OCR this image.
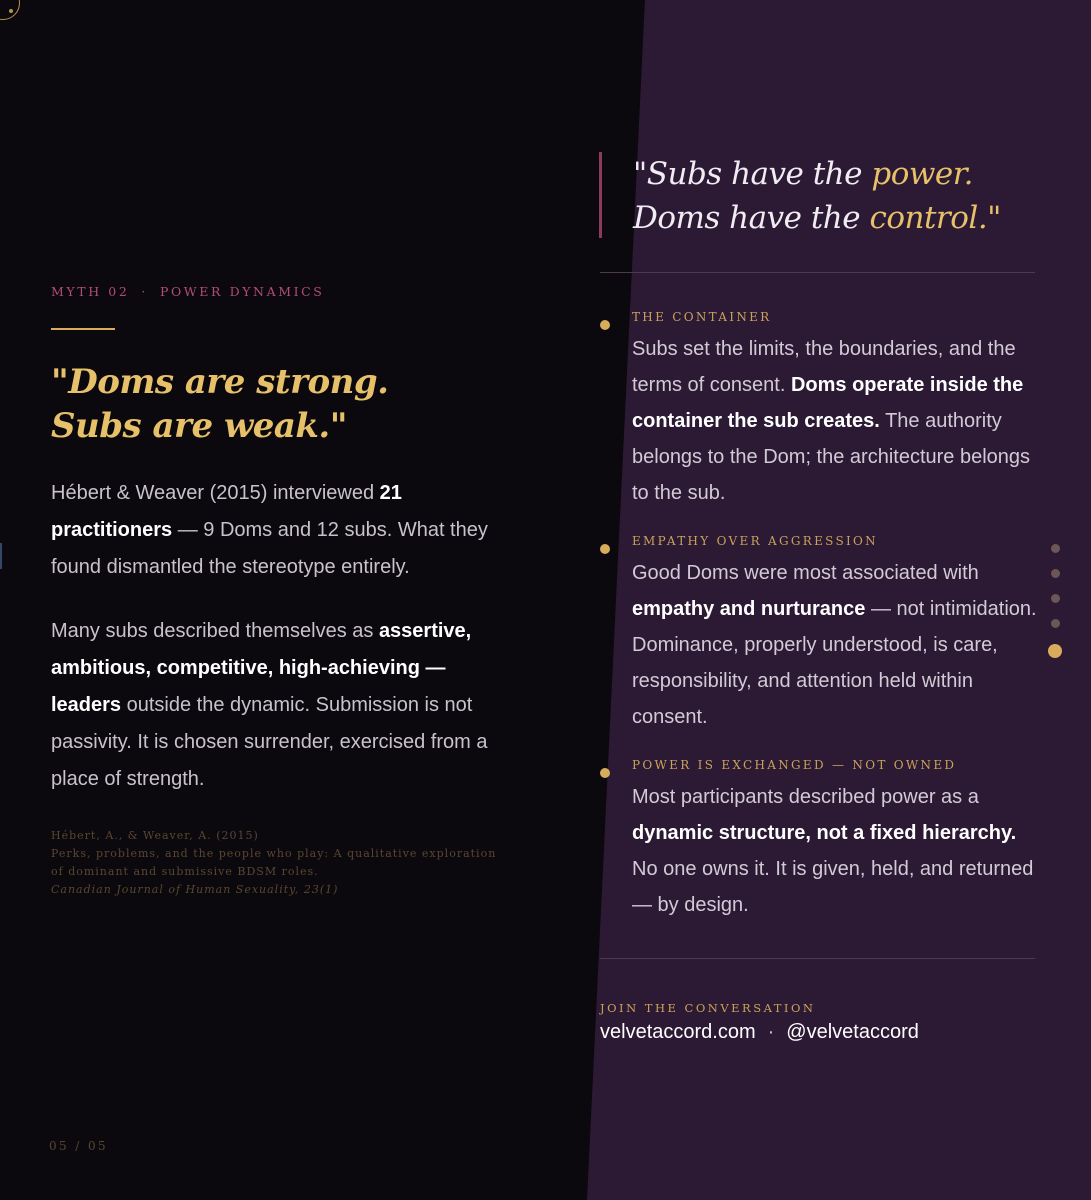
MYTH 02 · POWER DYNAMICS
"Doms are strong.
Subs are weak."

Hébert & Weaver (2015) interviewed 21 practitioners — 9 Doms and 12 subs. What they found dismantled the stereotype entirely.

Many subs described themselves as assertive, ambitious, competitive, high-achieving — leaders outside the dynamic. Submission is not passivity. It is chosen surrender, exercised from a place of strength.

Hébert, A., & Weaver, A. (2015)
Perks, problems, and the people who play: A qualitative exploration of dominant and submissive BDSM roles.
Canadian Journal of Human Sexuality, 23(1)
05 / 05
"Subs have the power.
Doms have the control."
THE CONTAINER

Subs set the limits, the boundaries, and the terms of consent. Doms operate inside the container the sub creates. The authority belongs to the Dom; the architecture belongs to the sub.

EMPATHY OVER AGGRESSION

Good Doms were most associated with empathy and nurturance — not intimidation. Dominance, properly understood, is care, responsibility, and attention held within consent.

POWER IS EXCHANGED — NOT OWNED

Most participants described power as a dynamic structure, not a fixed hierarchy. No one owns it. It is given, held, and returned — by design.

JOIN THE CONVERSATION
velvetaccord.com · @velvetaccord
